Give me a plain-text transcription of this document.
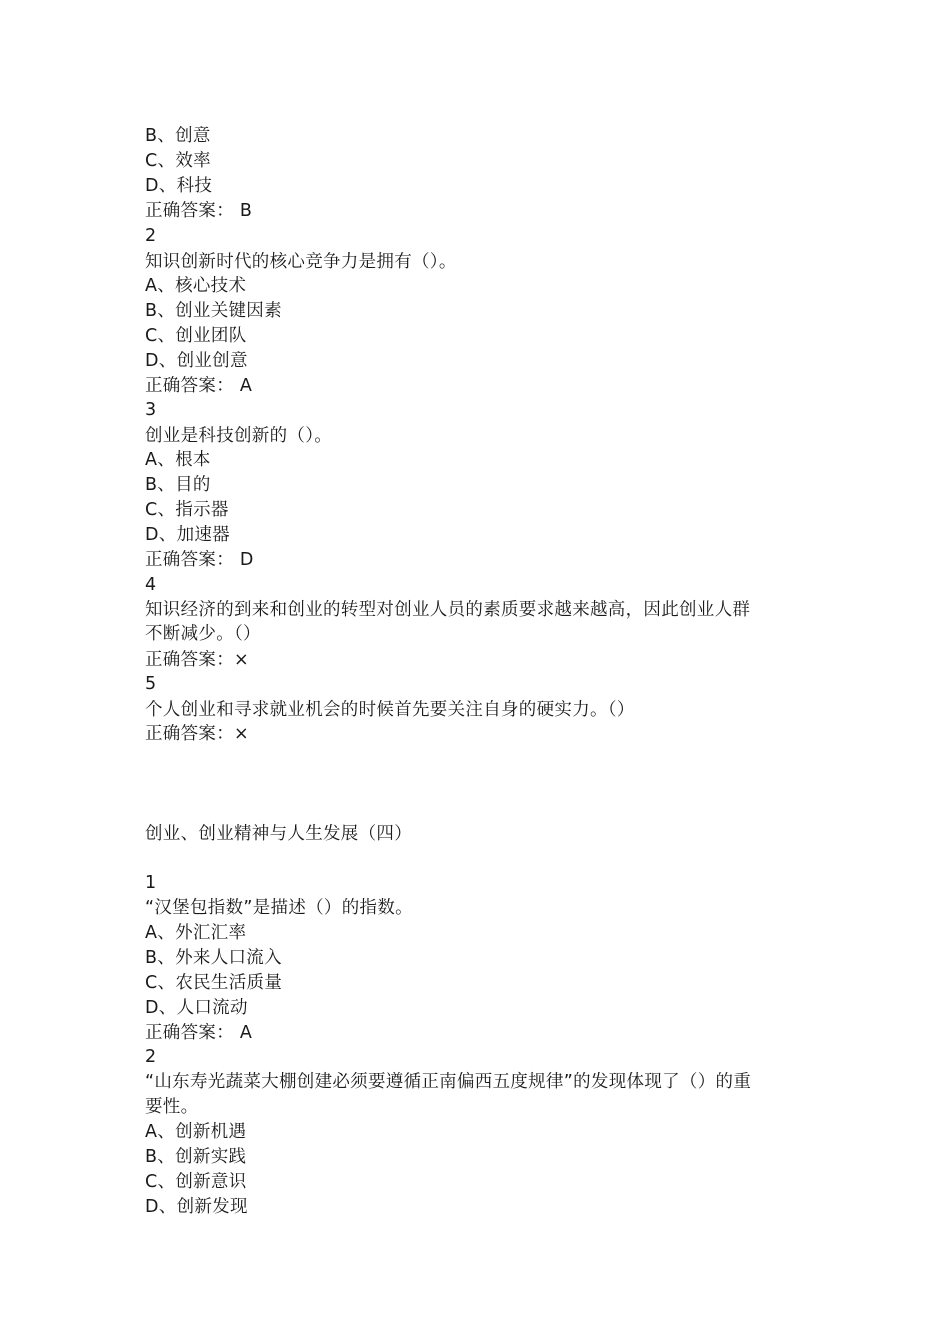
B、创意
C、效率
D、科技
正确答案： B
2
知识创新时代的核心竞争力是拥有（）。
A、核心技术
B、创业关键因素
C、创业团队
D、创业创意
正确答案： A
3
创业是科技创新的（）。
A、根本
B、目的
C、指示器
D、加速器
正确答案： D
4
知识经济的到来和创业的转型对创业人员的素质要求越来越高，因此创业人群
不断减少。（）
正确答案：×
5
个人创业和寻求就业机会的时候首先要关注自身的硬实力。（）
正确答案：×
创业、创业精神与人生发展（四）
1
“汉堡包指数”是描述（）的指数。
A、外汇汇率
B、外来人口流入
C、农民生活质量
D、人口流动
正确答案： A
2
“山东寿光蔬菜大棚创建必须要遵循正南偏西五度规律”的发现体现了（）的重
要性。
A、创新机遇
B、创新实践
C、创新意识
D、创新发现
